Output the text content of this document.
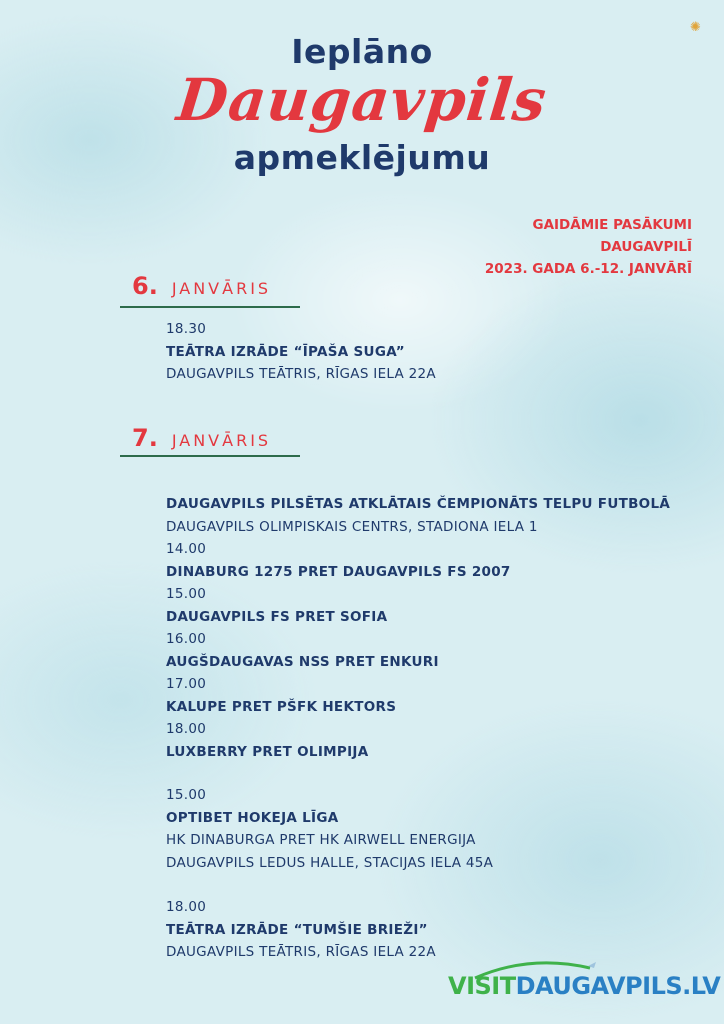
✺
Ieplāno
Daugavpils
apmeklējumu
GAIDĀMIE PASĀKUMI
DAUGAVPILĪ
2023. GADA 6.-12. JANVĀRĪ
6. JANVĀRIS
18.30
TEĀTRA IZRĀDE “ĪPAŠA SUGA”
DAUGAVPILS TEĀTRIS, RĪGAS IELA 22A
7. JANVĀRIS
DAUGAVPILS PILSĒTAS ATKLĀTAIS ČEMPIONĀTS TELPU FUTBOLĀ
DAUGAVPILS OLIMPISKAIS CENTRS, STADIONA IELA 1
14.00
DINABURG 1275 PRET DAUGAVPILS FS 2007
15.00
DAUGAVPILS FS PRET SOFIA
16.00
AUGŠDAUGAVAS NSS PRET ENKURI
17.00
KALUPE PRET PŠFK HEKTORS
18.00
LUXBERRY PRET OLIMPIJA
15.00
OPTIBET HOKEJA LĪGA
HK DINABURGA PRET HK AIRWELL ENERGIJA
DAUGAVPILS LEDUS HALLE, STACIJAS IELA 45A
18.00
TEĀTRA IZRĀDE “TUMŠIE BRIEŽI”
DAUGAVPILS TEĀTRIS, RĪGAS IELA 22A
VISITDAUGAVPILS.LV
